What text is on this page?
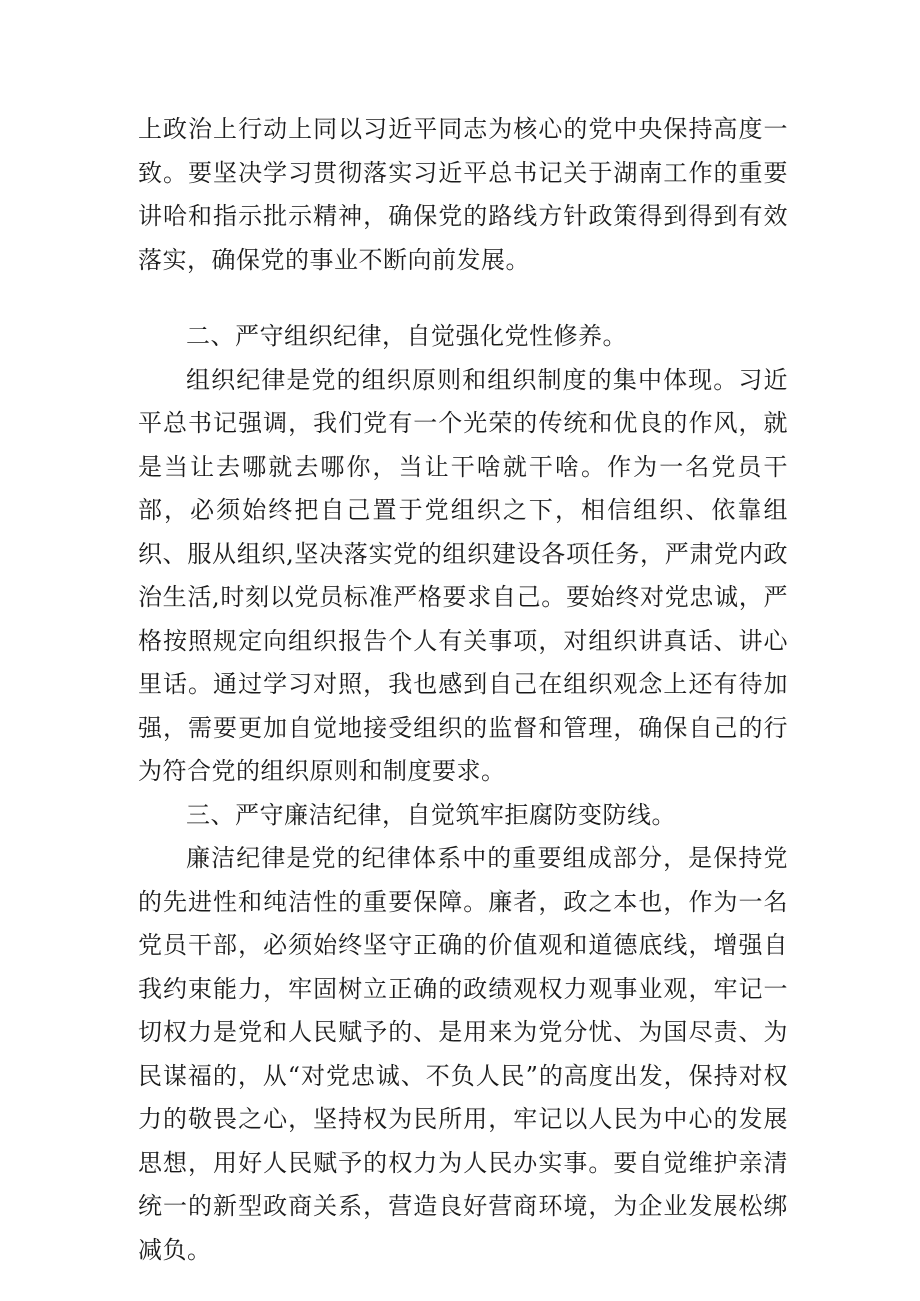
上政治上行动上同以习近平同志为核心的党中央保持高度一致。要坚决学习贯彻落实习近平总书记关于湖南工作的重要讲哈和指示批示精神，确保党的路线方针政策得到得到有效落实，确保党的事业不断向前发展。

二、严守组织纪律，自觉强化党性修养。

组织纪律是党的组织原则和组织制度的集中体现。习近平总书记强调，我们党有一个光荣的传统和优良的作风，就是当让去哪就去哪你，当让干啥就干啥。作为一名党员干部，必须始终把自己置于党组织之下，相信组织、依靠组织、服从组织,坚决落实党的组织建设各项任务，严肃党内政治生活,时刻以党员标准严格要求自己。要始终对党忠诚，严格按照规定向组织报告个人有关事项，对组织讲真话、讲心里话。通过学习对照，我也感到自己在组织观念上还有待加强，需要更加自觉地接受组织的监督和管理，确保自己的行为符合党的组织原则和制度要求。

三、严守廉洁纪律，自觉筑牢拒腐防变防线。

廉洁纪律是党的纪律体系中的重要组成部分，是保持党的先进性和纯洁性的重要保障。廉者，政之本也，作为一名党员干部，必须始终坚守正确的价值观和道德底线，增强自我约束能力，牢固树立正确的政绩观权力观事业观，牢记一切权力是党和人民赋予的、是用来为党分忧、为国尽责、为民谋福的，从“对党忠诚、不负人民”的高度出发，保持对权力的敬畏之心，坚持权为民所用，牢记以人民为中心的发展思想，用好人民赋予的权力为人民办实事。要自觉维护亲清统一的新型政商关系，营造良好营商环境，为企业发展松绑减负。
